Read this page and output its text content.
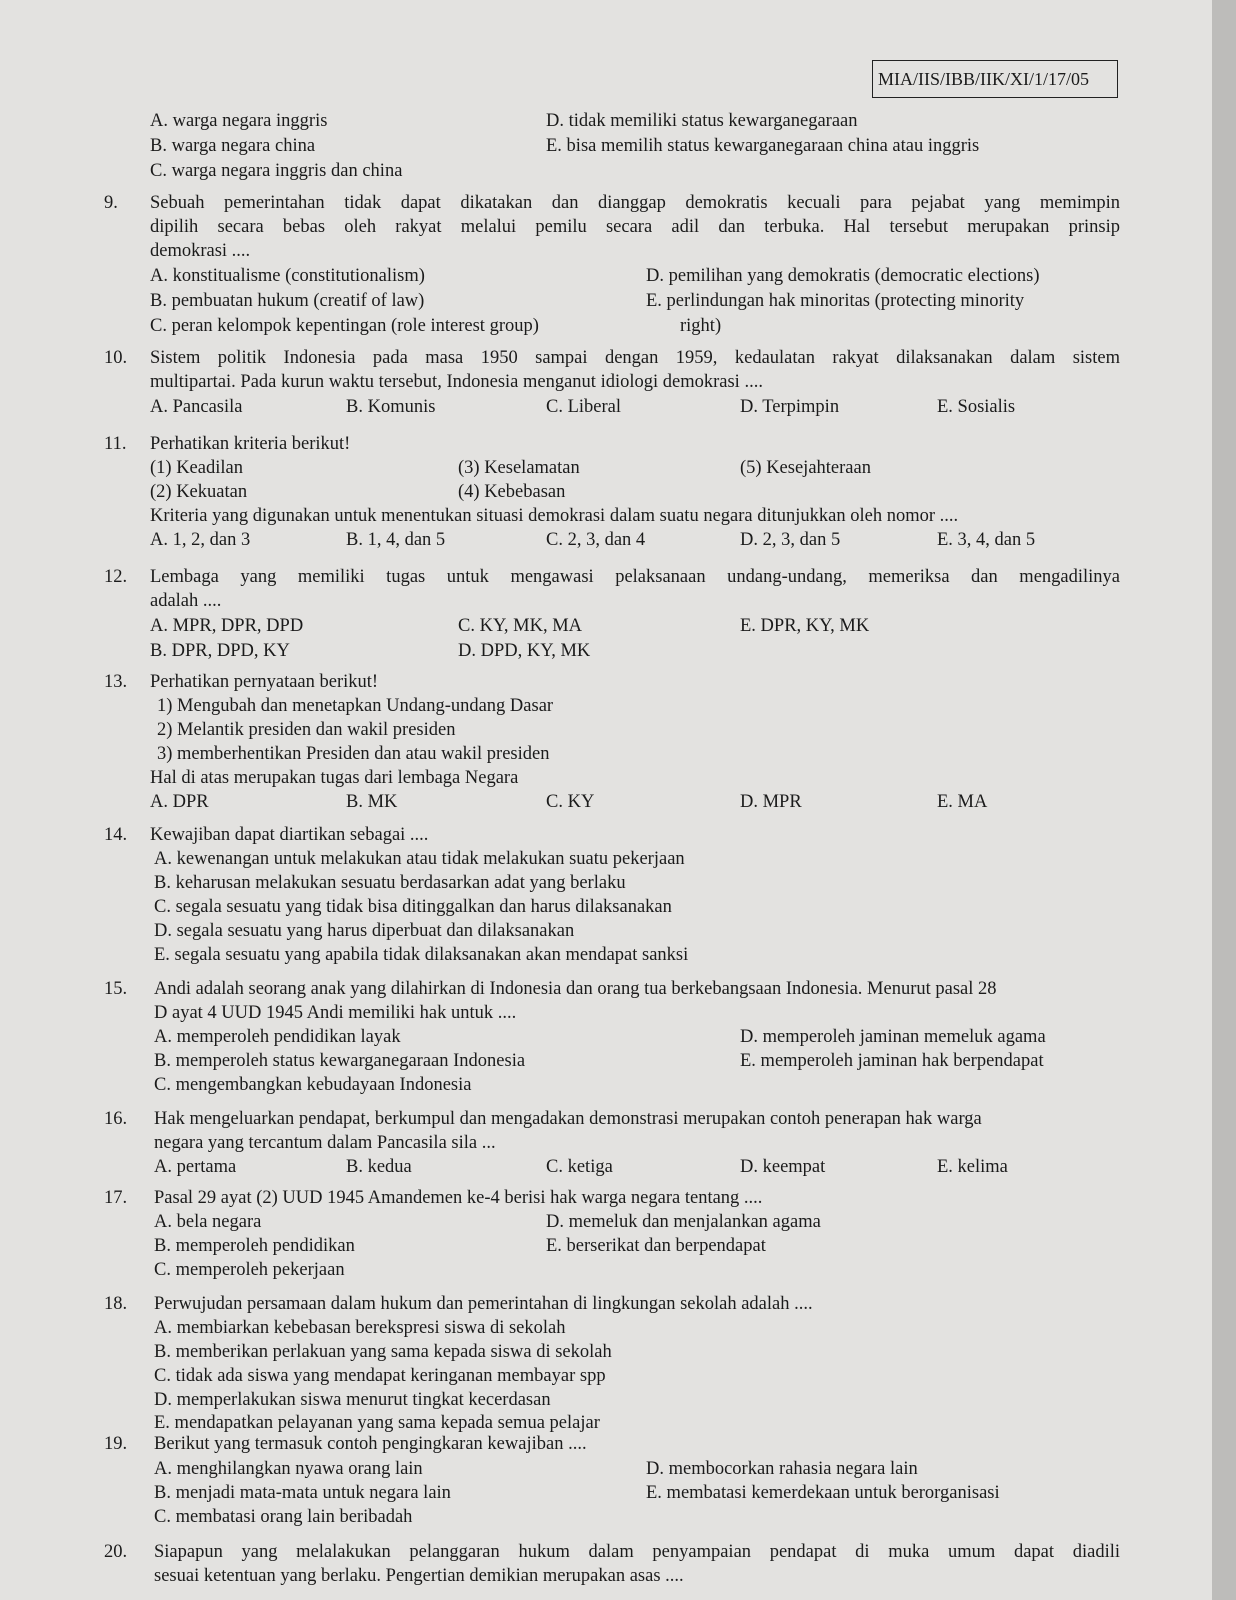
MIA/IIS/IBB/IIK/XI/1/17/05
A. warga negara inggris
B. warga negara china
C. warga negara inggris dan china
D. tidak memiliki status kewarganegaraan
E. bisa memilih status kewarganegaraan china atau inggris
9. Sebuah pemerintahan tidak dapat dikatakan dan dianggap demokratis kecuali para pejabat yang memimpin
dipilih secara bebas oleh rakyat melalui pemilu secara adil dan terbuka. Hal tersebut merupakan prinsip
demokrasi ....
A. konstitualisme (constitutionalism)
B. pembuatan hukum (creatif of law)
C. peran kelompok kepentingan (role interest group)
D. pemilihan yang demokratis (democratic elections)
E. perlindungan hak minoritas (protecting minority
right)
10. Sistem politik Indonesia pada masa 1950 sampai dengan 1959, kedaulatan rakyat dilaksanakan dalam sistem
multipartai. Pada kurun waktu tersebut, Indonesia menganut idiologi demokrasi ....
A. Pancasila	B. Komunis	C. Liberal	D. Terpimpin	E. Sosialis
11. Perhatikan kriteria berikut!
(1) Keadilan
(2) Kekuatan
(3) Keselamatan
(4) Kebebasan
(5) Kesejahteraan
Kriteria yang digunakan untuk menentukan situasi demokrasi dalam suatu negara ditunjukkan oleh nomor ....
A. 1, 2, dan 3	B. 1, 4, dan 5	C. 2, 3, dan 4	D. 2, 3, dan 5	E. 3, 4, dan 5
12. Lembaga yang memiliki tugas untuk mengawasi pelaksanaan undang-undang, memeriksa dan mengadilinya
adalah ....
A. MPR, DPR, DPD
B. DPR, DPD, KY
C. KY, MK, MA
D. DPD, KY, MK
E. DPR, KY, MK
13. Perhatikan pernyataan berikut!
1) Mengubah dan menetapkan Undang-undang Dasar
2) Melantik presiden dan wakil presiden
3) memberhentikan Presiden dan atau wakil presiden
Hal di atas merupakan tugas dari lembaga Negara
A. DPR	B. MK	C. KY	D. MPR	E. MA
14. Kewajiban dapat diartikan sebagai ....
A. kewenangan untuk melakukan atau tidak melakukan suatu pekerjaan
B. keharusan melakukan sesuatu berdasarkan adat yang berlaku
C. segala sesuatu yang tidak bisa ditinggalkan dan harus dilaksanakan
D. segala sesuatu yang harus diperbuat dan dilaksanakan
E. segala sesuatu yang apabila tidak dilaksanakan akan mendapat sanksi
15. Andi adalah seorang anak yang dilahirkan di Indonesia dan orang tua berkebangsaan Indonesia. Menurut pasal 28
D ayat 4 UUD 1945 Andi memiliki hak untuk ....
A. memperoleh pendidikan layak
B. memperoleh status kewarganegaraan Indonesia
C. mengembangkan kebudayaan Indonesia
D. memperoleh jaminan memeluk agama
E. memperoleh jaminan hak berpendapat
16. Hak mengeluarkan pendapat, berkumpul dan mengadakan demonstrasi merupakan contoh penerapan hak warga
negara yang tercantum dalam Pancasila sila ...
A. pertama	B. kedua	C. ketiga	D. keempat	E. kelima
17. Pasal 29 ayat (2) UUD 1945 Amandemen ke-4 berisi hak warga negara tentang ....
A. bela negara
B. memperoleh pendidikan
C. memperoleh pekerjaan
D. memeluk dan menjalankan agama
E. berserikat dan berpendapat
18. Perwujudan persamaan dalam hukum dan pemerintahan di lingkungan sekolah adalah ....
A. membiarkan kebebasan berekspresi siswa di sekolah
B. memberikan perlakuan yang sama kepada siswa di sekolah
C. tidak ada siswa yang mendapat keringanan membayar spp
D. memperlakukan siswa menurut tingkat kecerdasan
E. mendapatkan pelayanan yang sama kepada semua pelajar
19. Berikut yang termasuk contoh pengingkaran kewajiban ....
A. menghilangkan nyawa orang lain
B. menjadi mata-mata untuk negara lain
C. membatasi orang lain beribadah
D. membocorkan rahasia negara lain
E. membatasi kemerdekaan untuk berorganisasi
20. Siapapun yang melalakukan pelanggaran hukum dalam penyampaian pendapat di muka umum dapat diadili
sesuai ketentuan yang berlaku. Pengertian demikian merupakan asas ....
